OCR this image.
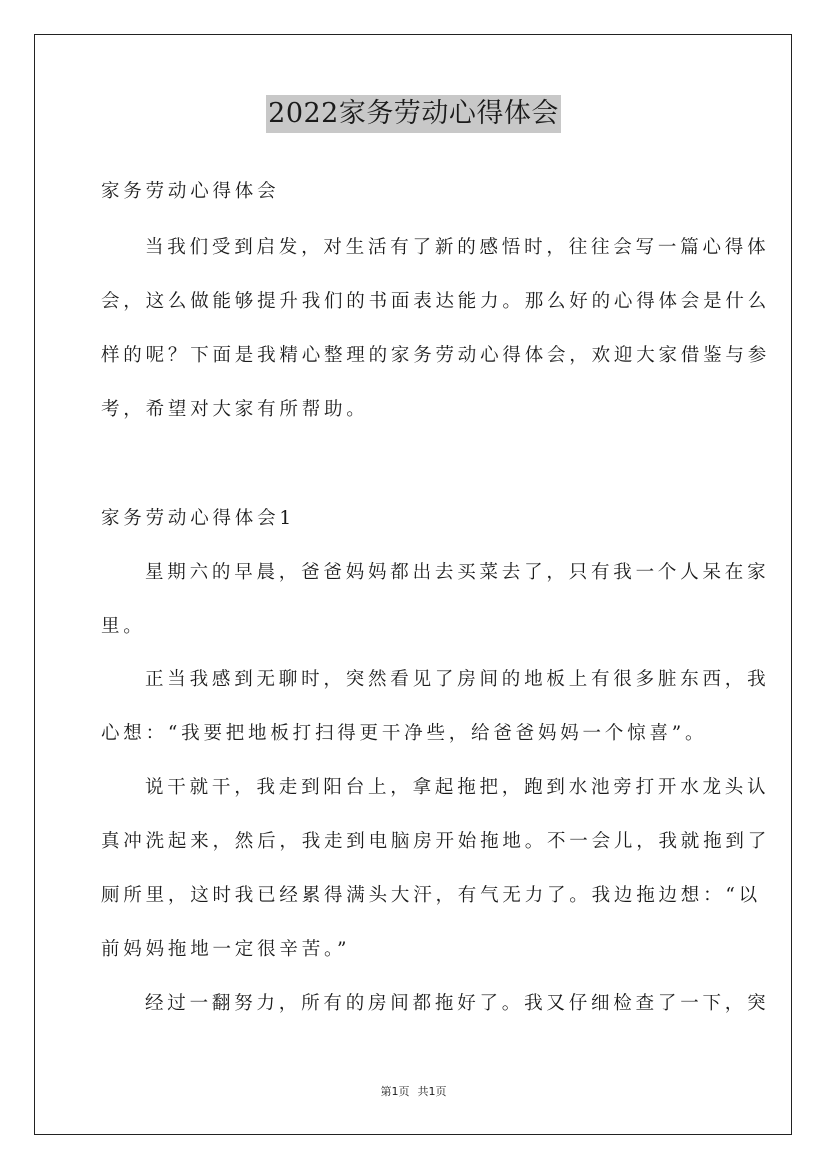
2022家务劳动心得体会
家务劳动心得体会
当我们受到启发，对生活有了新的感悟时，往往会写一篇心得体
会，这么做能够提升我们的书面表达能力。那么好的心得体会是什么
样的呢？下面是我精心整理的家务劳动心得体会，欢迎大家借鉴与参
考，希望对大家有所帮助。
家务劳动心得体会1
星期六的早晨，爸爸妈妈都出去买菜去了，只有我一个人呆在家
里。
正当我感到无聊时，突然看见了房间的地板上有很多脏东西，我
心想：“我要把地板打扫得更干净些，给爸爸妈妈一个惊喜”。
说干就干，我走到阳台上，拿起拖把，跑到水池旁打开水龙头认
真冲洗起来，然后，我走到电脑房开始拖地。不一会儿，我就拖到了
厕所里，这时我已经累得满头大汗，有气无力了。我边拖边想：“以
前妈妈拖地一定很辛苦。”
经过一翻努力，所有的房间都拖好了。我又仔细检查了一下，突
第1页 共1页
